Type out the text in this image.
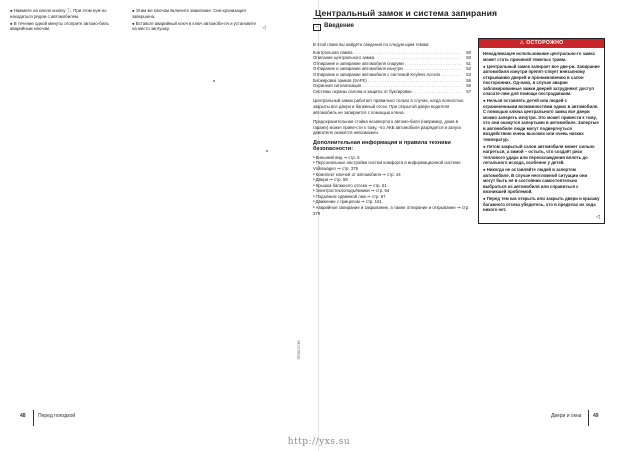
● Нажмите на ключе кнопку ⓘ. При этом нуж-но находиться рядом с автомобилем.

● В течение одной минуты отоприте автомо-биль аварийным ключом.

● Этим же ключом включите зажигание. Син-хронизация завершена.

● Вставьте аварийный ключ в ключ автомоби-ля и установите на место заглушку.	◁
48 Перед поездкой
Центральный замок и система запирания
▭ Введение
В этой главе вы найдёте сведения по следую-щим темам:
Контрольная лампа . . .	50
Описание центрального замка . . .	50
Отпирание и запирание автомобиля снаружи . . .	51
Отпирание и запирание автомобиля изнутри . . .	52
Отпирание и запирание автомобиля с системой Keyless Access . . .	53
Блокировка замков (SAFE) . . .	55
Охранная сигнализация . . .	56
Системы охраны салона и защиты от буксировки . . .	57

Центральный замок работает правильно только в случае, когда полностью закрыты все двери и багажный отсек. При открытой двери водителя автомобиль не запирается с помощью ключа.

Предохранительная стойка незапертого автомо-биля (например, дома в гараже) может приве-сти к тому, что АКБ автомобиля разрядится и запуск двигателя окажется невозможен.

Дополнительная информация и правила техники безопасности:
● Внешний вид ⇒ стр. 6
● Персональные настройки систем комфорта в информационной системе Volkswagen ⇒ стр. 379
● Комплект ключей от автомобиля ⇒ стр. 44
● Двери ⇒ стр. 59
● Крышка багажного отсека ⇒ стр. 61
● Электростеклоподъёмники ⇒ стр. 64
● Подъёмно-сдвижной люк ⇒ стр. 67
● Движение с прицепом ⇒ стр. 161
● Аварийное запирание и закрывание, а также отпирание и открывание ⇒ стр. 379
⚠ ОСТОРОЖНО

Ненадлежащее использование центрально-го замка может стать причиной тяжелых травм.

● Центральный замок запирает все две-ри. Запирание автомобиля изнутри препят-ствует внезапному открыванию дверей и проникновению в салон посторонних. Од-нако, в случае аварии заблокированные замки дверей затрудняют доступ спасате-лям для помощи пострадавшим.

● Нельзя оставлять детей или людей с ограниченными возможностями одних в автомобиле. С помощью ключа центрального замка все двери можно запереть изнутри. Это может привести к тому, что они окажутся запертыми в автомобиле. Запертые в автомобиле люди могут подвергнуться воздействию очень высоких или очень низких температур.

● Летом закрытый салон автомобиля может сильно нагреться, а зимой – остыть, что создаёт риск теплового удара или переохлаждения вплоть до летального исхода, особенно у детей.

● Никогда не оставляйте людей в запертом автомобиле. В случае неотложной ситуации они могут быть не в состоянии самостоятельно выбраться из автомобиля или справиться с возникшей проблемой.

● Перед тем как открыть или закрыть двери и крышку багажного отсека убедитесь, что в пределах их хода никого нет.

◁
7E0012736
Двери и окна 49
http://yxs.su
